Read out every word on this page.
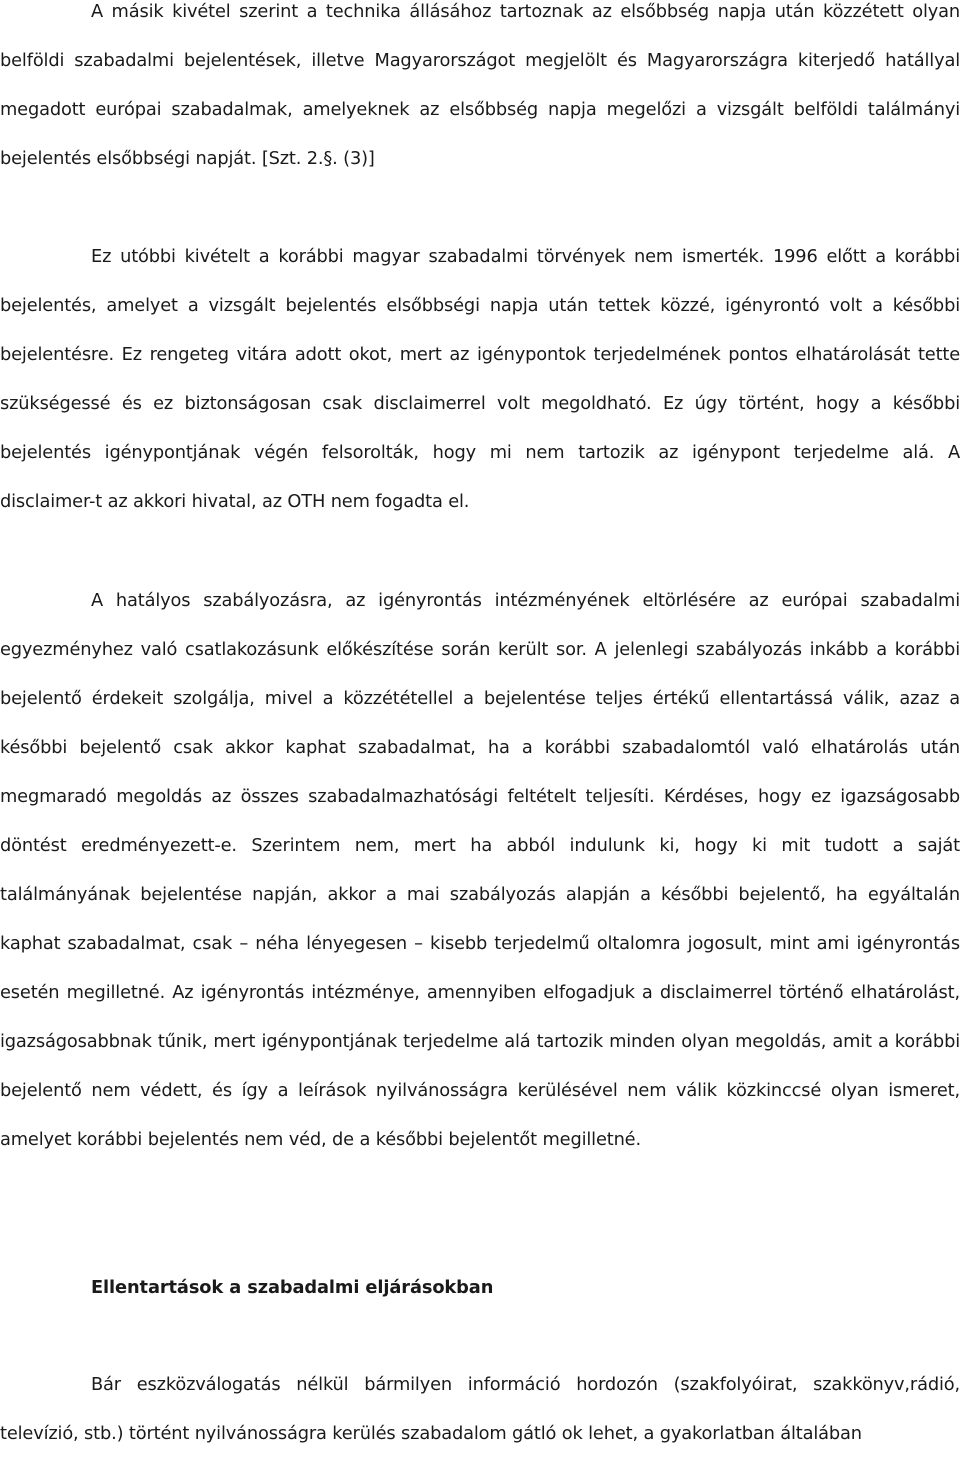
A másik kivétel szerint a technika állásához tartoznak az elsőbbség napja után közzétett olyan belföldi szabadalmi bejelentések, illetve Magyarországot megjelölt és Magyarországra kiterjedő hatállyal megadott európai szabadalmak, amelyeknek az elsőbbség napja megelőzi a vizsgált belföldi találmányi bejelentés elsőbbségi napját. [Szt. 2.§. (3)]

Ez utóbbi kivételt a korábbi magyar szabadalmi törvények nem ismerték. 1996 előtt a korábbi bejelentés, amelyet a vizsgált bejelentés elsőbbségi napja után tettek közzé, igényrontó volt a későbbi bejelentésre. Ez rengeteg vitára adott okot, mert az igénypontok terjedelmének pontos elhatárolását tette szükségessé és ez biztonságosan csak disclaimerrel volt megoldható. Ez úgy történt, hogy a későbbi bejelentés igénypontjának végén felsorolták, hogy mi nem tartozik az igénypont terjedelme alá. A disclaimer-t az akkori hivatal, az OTH nem fogadta el.

A hatályos szabályozásra, az igényrontás intézményének eltörlésére az európai szabadalmi egyezményhez való csatlakozásunk előkészítése során került sor. A jelenlegi szabályozás inkább a korábbi bejelentő érdekeit szolgálja, mivel a közzététellel a bejelentése teljes értékű ellentartássá válik, azaz a későbbi bejelentő csak akkor kaphat szabadalmat, ha a korábbi szabadalomtól való elhatárolás után megmaradó megoldás az összes szabadalmazhatósági feltételt teljesíti. Kérdéses, hogy ez igazságosabb döntést eredményezett-e. Szerintem nem, mert ha abból indulunk ki, hogy ki mit tudott a saját találmányának bejelentése napján, akkor a mai szabályozás alapján a későbbi bejelentő, ha egyáltalán kaphat szabadalmat, csak – néha lényegesen – kisebb terjedelmű oltalomra jogosult, mint ami igényrontás esetén megilletné. Az igényrontás intézménye, amennyiben elfogadjuk a disclaimerrel történő elhatárolást, igazságosabbnak tűnik, mert igénypontjának terjedelme alá tartozik minden olyan megoldás, amit a korábbi bejelentő nem védett, és így a leírások nyilvánosságra kerülésével nem válik közkinccsé olyan ismeret, amelyet korábbi bejelentés nem véd, de a későbbi bejelentőt megilletné.

Ellentartások a szabadalmi eljárásokban

Bár eszközválogatás nélkül bármilyen információ hordozón (szakfolyóirat, szakkönyv,rádió, televízió, stb.) történt nyilvánosságra kerülés szabadalom gátló ok lehet, a gyakorlatban általában
